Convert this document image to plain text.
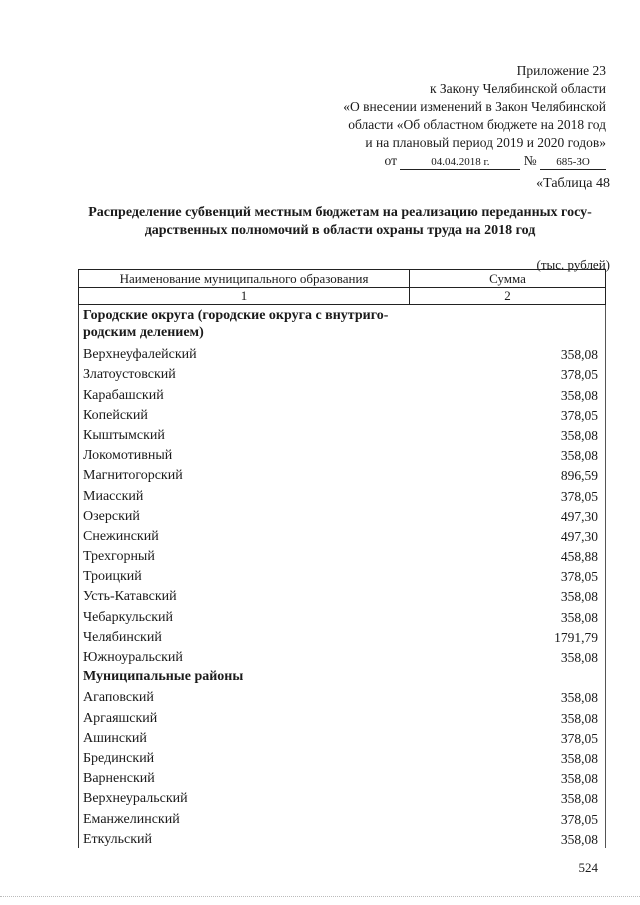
Приложение 23
к Закону Челябинской области
«О внесении изменений в Закон Челябинской
области «Об областном бюджете на 2018 год
и на плановый период 2019 и 2020 годов»
от	04.04.2018 г.	№ 685-ЗО
«Таблица 48
Распределение субвенций местным бюджетам на реализацию переданных госу-дарственных полномочий в области охраны труда на 2018 год
(тыс. рублей)
Наименование муниципального образования	Сумма
1	2
Городские округа (городские округа с внутриго-родским делением)
Верхнеуфалейский	358,08
Златоустовский	378,05
Карабашский	358,08
Копейский	378,05
Кыштымский	358,08
Локомотивный	358,08
Магнитогорский	896,59
Миасский	378,05
Озерский	497,30
Снежинский	497,30
Трехгорный	458,88
Троицкий	378,05
Усть-Катавский	358,08
Чебаркульский	358,08
Челябинский	1791,79
Южноуральский	358,08
Муниципальные районы
Агаповский	358,08
Аргаяшский	358,08
Ашинский	378,05
Брединский	358,08
Варненский	358,08
Верхнеуральский	358,08
Еманжелинский	378,05
Еткульский	358,08
524
